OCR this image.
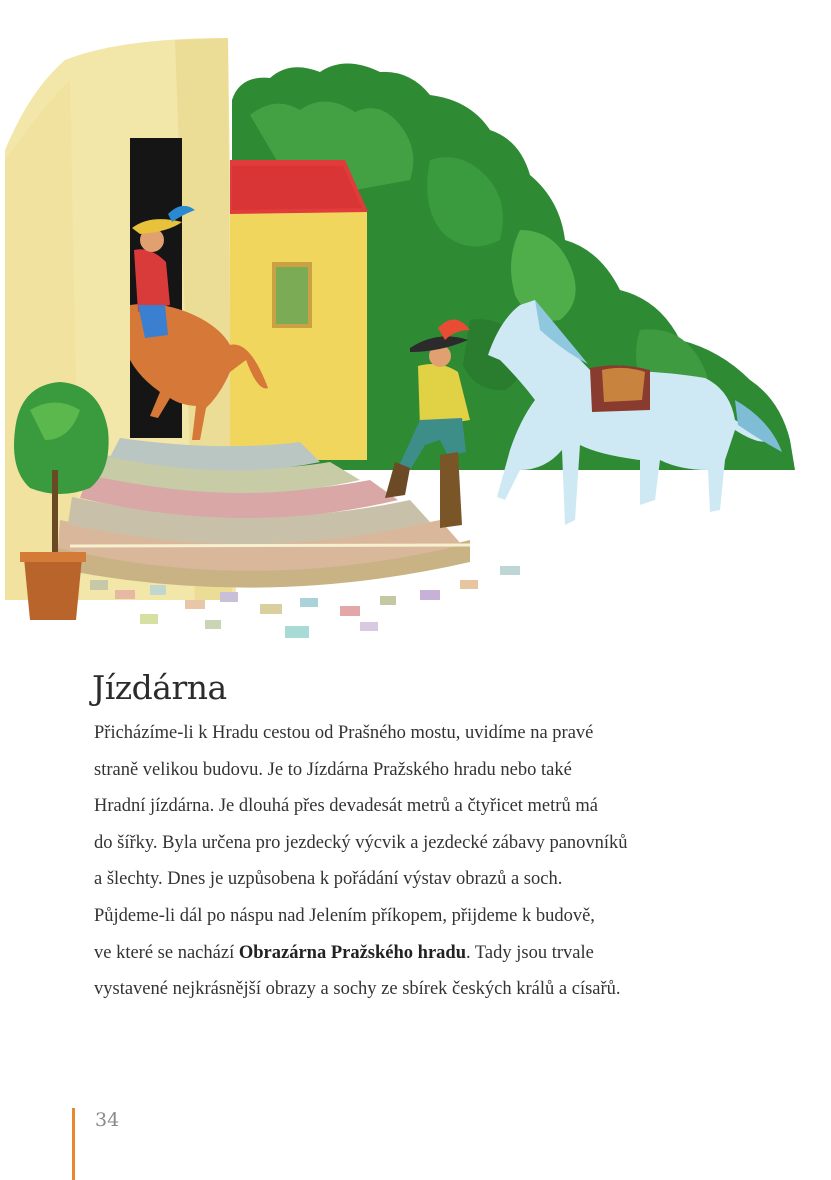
Jízdárna
Přicházíme-li k Hradu cestou od Prašného mostu, uvidíme na pravé
straně velikou budovu. Je to Jízdárna Pražského hradu nebo také
Hradní jízdárna. Je dlouhá přes devadesát metrů a čtyřicet metrů má
do šířky. Byla určena pro jezdecký výcvik a jezdecké zábavy panovníků
a šlechty. Dnes je uzpůsobena k pořádání výstav obrazů a soch.
Půjdeme-li dál po náspu nad Jelením příkopem, přijdeme k budově,
ve které se nachází Obrazárna Pražského hradu. Tady jsou trvale
vystavené nejkrásnější obrazy a sochy ze sbírek českých králů a císařů.
34
